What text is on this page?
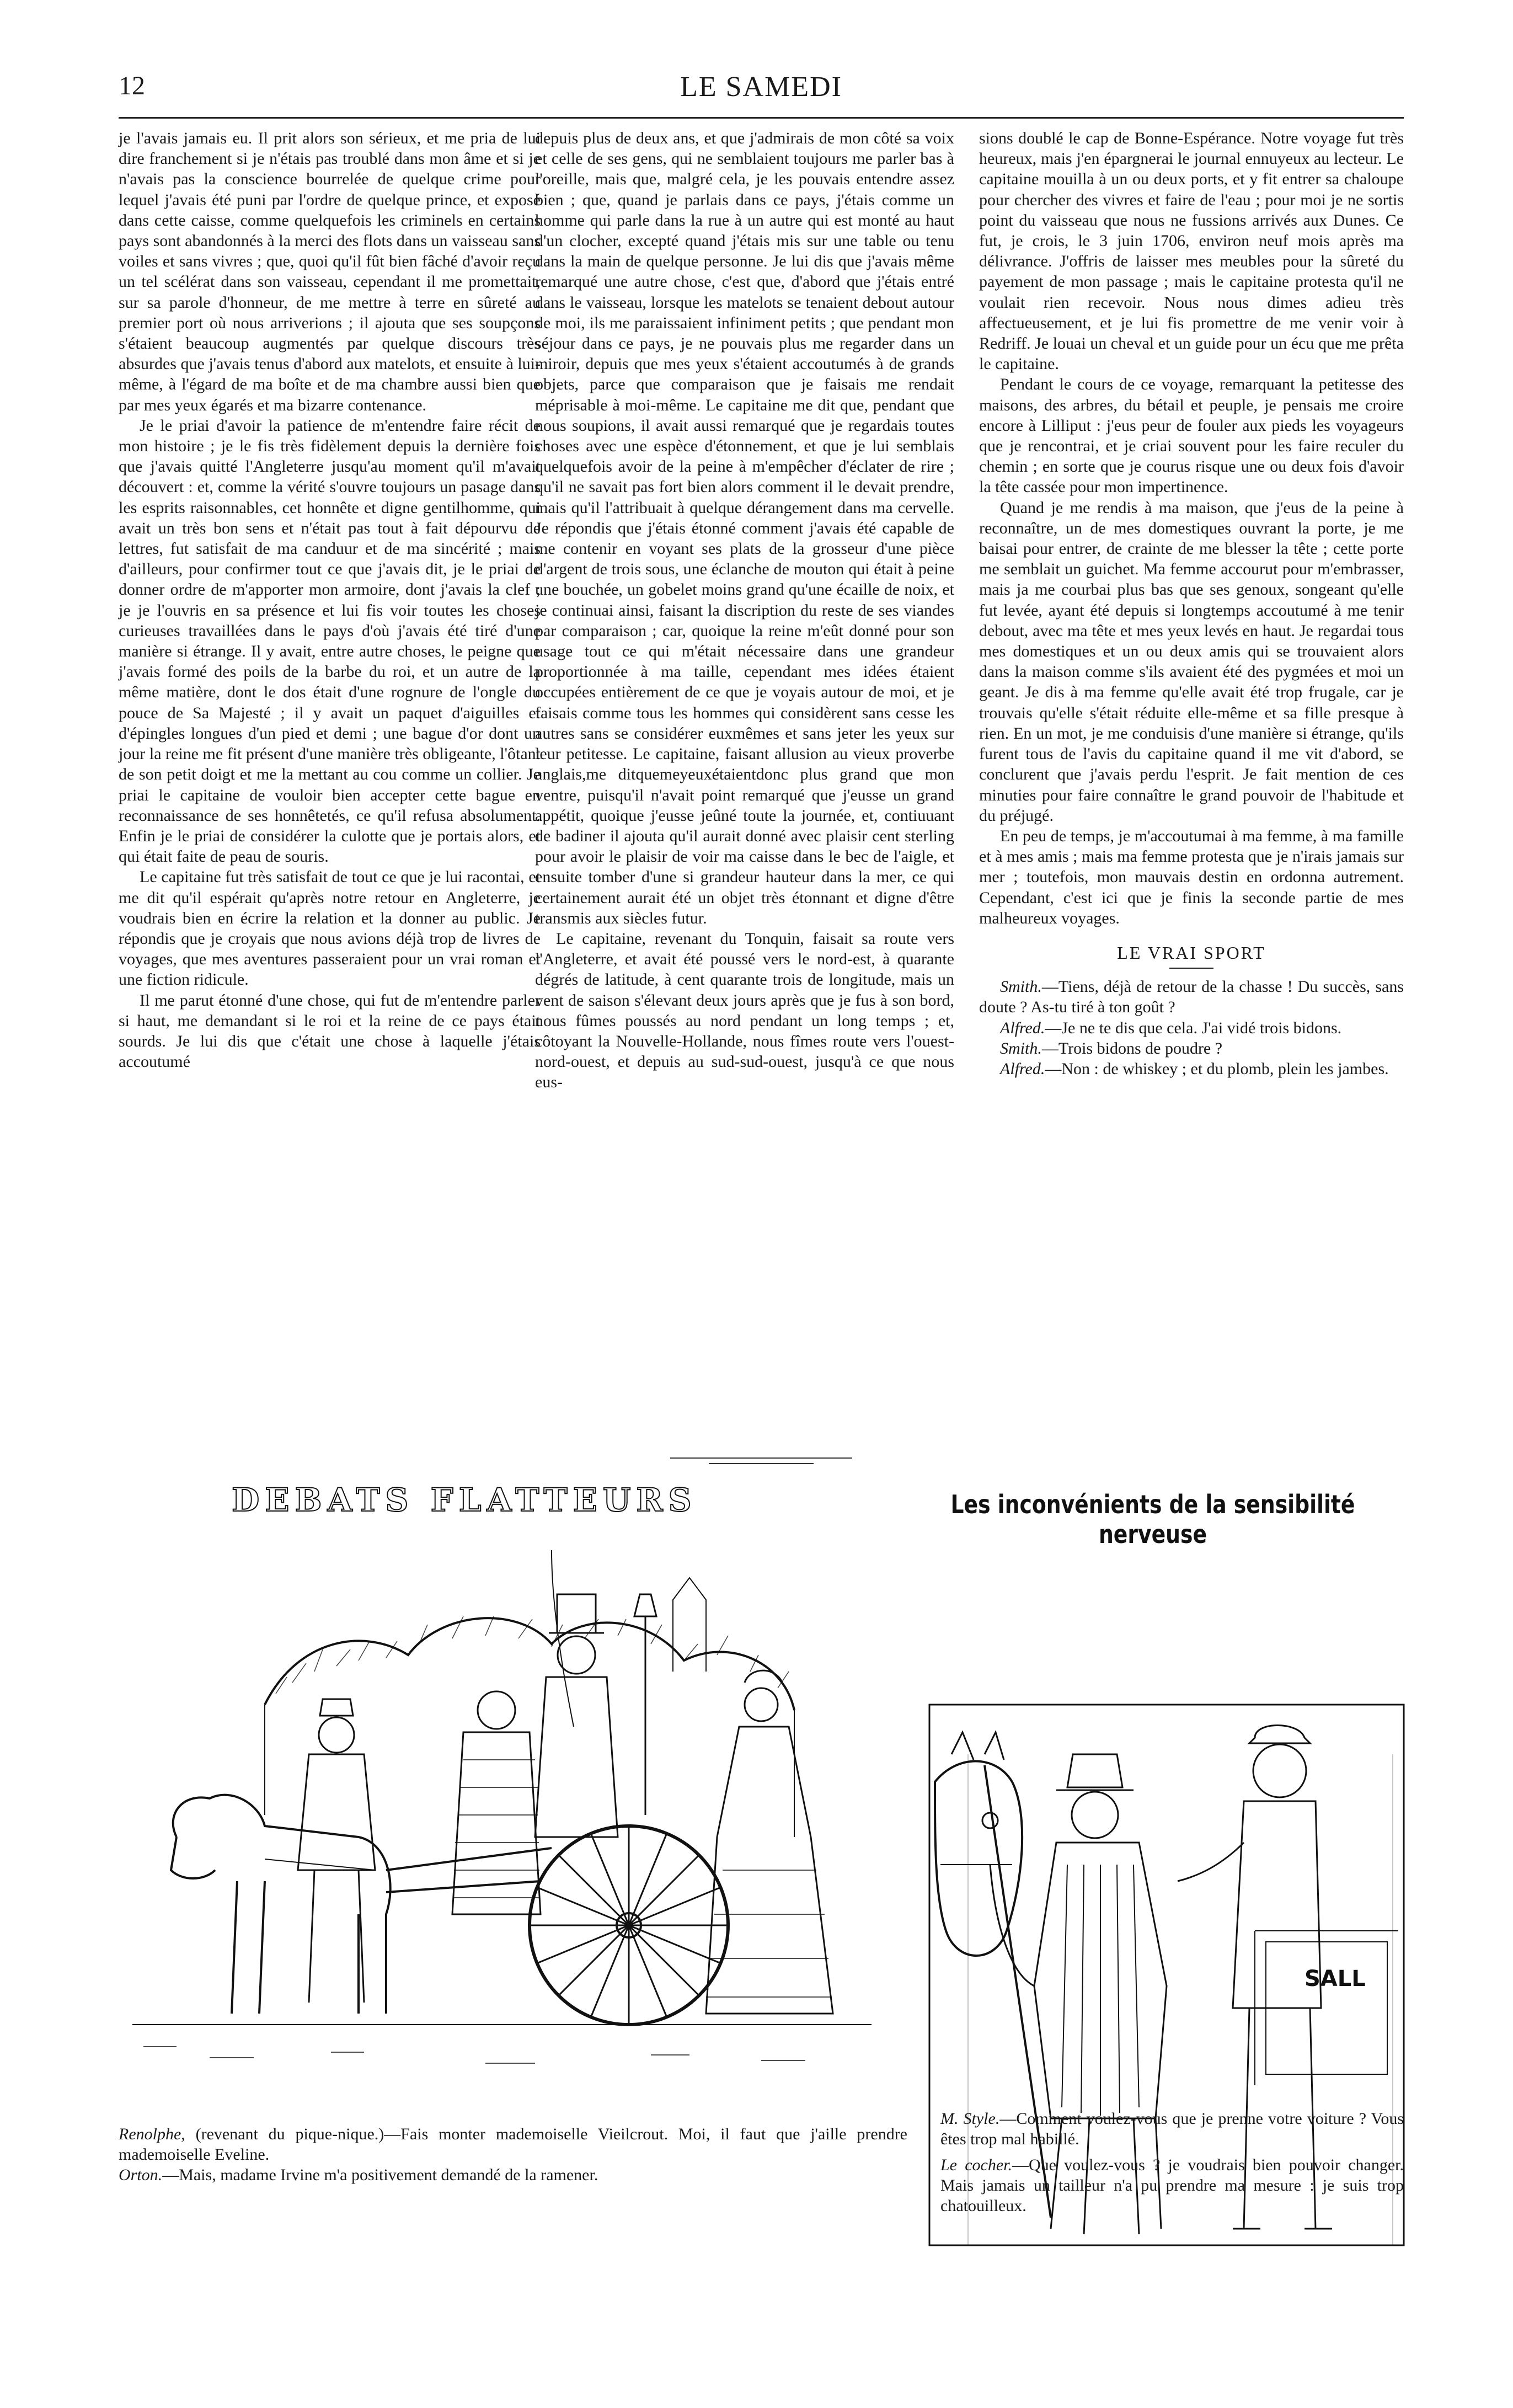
12	LE SAMEDI

je l'avais jamais eu. Il prit alors son sérieux, et me pria de lui dire franchement si je n'étais pas troublé dans mon âme et si je n'avais pas la conscience bourrelée de quelque crime pour lequel j'avais été puni par l'ordre de quelque prince, et exposé dans cette caisse, comme quelquefois les criminels en certains pays sont abandonnés à la merci des flots dans un vaisseau sans voiles et sans vivres ; que, quoi qu'il fût bien fâché d'avoir reçu un tel scélérat dans son vaisseau, cependant il me promettait, sur sa parole d'honneur, de me mettre à terre en sûreté au premier port où nous arriverions ; il ajouta que ses soupçons s'étaient beaucoup augmentés par quelque discours très absurdes que j'avais tenus d'abord aux matelots, et ensuite à lui-même, à l'égard de ma boîte et de ma chambre aussi bien que par mes yeux égarés et ma bizarre contenance.

Je le priai d'avoir la patience de m'entendre faire récit de mon histoire ; je le fis très fidèlement depuis la dernière fois que j'avais quitté l'Angleterre jusqu'au moment qu'il m'avait découvert : et, comme la vérité s'ouvre toujours un pasage dans les esprits raisonnables, cet honnête et digne gentilhomme, qui avait un très bon sens et n'était pas tout à fait dépourvu de lettres, fut satisfait de ma canduur et de ma sincérité ; mais d'ailleurs, pour confirmer tout ce que j'avais dit, je le priai de donner ordre de m'apporter mon armoire, dont j'avais la clef ; je je l'ouvris en sa présence et lui fis voir toutes les choses curieuses travaillées dans le pays d'où j'avais été tiré d'une manière si étrange. Il y avait, entre autre choses, le peigne que j'avais formé des poils de la barbe du roi, et un autre de la même matière, dont le dos était d'une rognure de l'ongle du pouce de Sa Majesté ; il y avait un paquet d'aiguilles et d'épingles longues d'un pied et demi ; une bague d'or dont un jour la reine me fit présent d'une manière très obligeante, l'ôtant de son petit doigt et me la mettant au cou comme un collier. Je priai le capitaine de vouloir bien accepter cette bague en reconnaissance de ses honnêtetés, ce qu'il refusa absolument. Enfin je le priai de considérer la culotte que je portais alors, et qui était faite de peau de souris.

Le capitaine fut très satisfait de tout ce que je lui racontai, et me dit qu'il espérait qu'après notre retour en Angleterre, je voudrais bien en écrire la relation et la donner au public. Je répondis que je croyais que nous avions déjà trop de livres de voyages, que mes aventures passeraient pour un vrai roman et une fiction ridicule.

Il me parut étonné d'une chose, qui fut de m'entendre parler si haut, me demandant si le roi et la reine de ce pays était sourds. Je lui dis que c'était une chose à laquelle j'étais accoutumé

depuis plus de deux ans, et que j'admirais de mon côté sa voix et celle de ses gens, qui ne semblaient toujours me parler bas à l'oreille, mais que, malgré cela, je les pouvais entendre assez bien ; que, quand je parlais dans ce pays, j'étais comme un homme qui parle dans la rue à un autre qui est monté au haut d'un clocher, excepté quand j'étais mis sur une table ou tenu dans la main de quelque personne. Je lui dis que j'avais même remarqué une autre chose, c'est que, d'abord que j'étais entré dans le vaisseau, lorsque les matelots se tenaient debout autour de moi, ils me paraissaient infiniment petits ; que pendant mon séjour dans ce pays, je ne pouvais plus me regarder dans un miroir, depuis que mes yeux s'étaient accoutumés à de grands objets, parce que comparaison que je faisais me rendait méprisable à moi-même. Le capitaine me dit que, pendant que nous soupions, il avait aussi remarqué que je regardais toutes choses avec une espèce d'étonnement, et que je lui semblais quelquefois avoir de la peine à m'empêcher d'éclater de rire ; qu'il ne savait pas fort bien alors comment il le devait prendre, mais qu'il l'attribuait à quelque dérangement dans ma cervelle. Je répondis que j'étais étonné comment j'avais été capable de me contenir en voyant ses plats de la grosseur d'une pièce d'argent de trois sous, une éclanche de mouton qui était à peine une bouchée, un gobelet moins grand qu'une écaille de noix, et je continuai ainsi, faisant la discription du reste de ses viandes par comparaison ; car, quoique la reine m'eût donné pour son usage tout ce qui m'était nécessaire dans une grandeur proportionnée à ma taille, cependant mes idées étaient occupées entièrement de ce que je voyais autour de moi, et je faisais comme tous les hommes qui considèrent sans cesse les autres sans se considérer euxmêmes et sans jeter les yeux sur leur petitesse. Le capitaine, faisant allusion au vieux proverbe anglais,me ditquemeyeuxétaientdonc plus grand que mon ventre, puisqu'il n'avait point remarqué que j'eusse un grand appétit, quoique j'eusse jeûné toute la journée, et, contiuuant de badiner il ajouta qu'il aurait donné avec plaisir cent sterling pour avoir le plaisir de voir ma caisse dans le bec de l'aigle, et ensuite tomber d'une si grandeur hauteur dans la mer, ce qui certainement aurait été un objet très étonnant et digne d'être transmis aux siècles futur.

Le capitaine, revenant du Tonquin, faisait sa route vers l'Angleterre, et avait été poussé vers le nord-est, à quarante dégrés de latitude, à cent quarante trois de longitude, mais un vent de saison s'élevant deux jours après que je fus à son bord, nous fûmes poussés au nord pendant un long temps ; et, côtoyant la Nouvelle-Hollande, nous fîmes route vers l'ouest-nord-ouest, et depuis au sud-sud-ouest, jusqu'à ce que nous eus-

sions doublé le cap de Bonne-Espérance. Notre voyage fut très heureux, mais j'en épargnerai le journal ennuyeux au lecteur. Le capitaine mouilla à un ou deux ports, et y fit entrer sa chaloupe pour chercher des vivres et faire de l'eau ; pour moi je ne sortis point du vaisseau que nous ne fussions arrivés aux Dunes. Ce fut, je crois, le 3 juin 1706, environ neuf mois après ma délivrance. J'offris de laisser mes meubles pour la sûreté du payement de mon passage ; mais le capitaine protesta qu'il ne voulait rien recevoir. Nous nous dimes adieu très affectueusement, et je lui fis promettre de me venir voir à Redriff. Je louai un cheval et un guide pour un écu que me prêta le capitaine.

Pendant le cours de ce voyage, remarquant la petitesse des maisons, des arbres, du bétail et peuple, je pensais me croire encore à Lilliput : j'eus peur de fouler aux pieds les voyageurs que je rencontrai, et je criai souvent pour les faire reculer du chemin ; en sorte que je courus risque une ou deux fois d'avoir la tête cassée pour mon impertinence.

Quand je me rendis à ma maison, que j'eus de la peine à reconnaître, un de mes domestiques ouvrant la porte, je me baisai pour entrer, de crainte de me blesser la tête ; cette porte me semblait un guichet. Ma femme accourut pour m'embrasser, mais ja me courbai plus bas que ses genoux, songeant qu'elle fut levée, ayant été depuis si longtemps accoutumé à me tenir debout, avec ma tête et mes yeux levés en haut. Je regardai tous mes domestiques et un ou deux amis qui se trouvaient alors dans la maison comme s'ils avaient été des pygmées et moi un geant. Je dis à ma femme qu'elle avait été trop frugale, car je trouvais qu'elle s'était réduite elle-même et sa fille presque à rien. En un mot, je me conduisis d'une manière si étrange, qu'ils furent tous de l'avis du capitaine quand il me vit d'abord, se conclurent que j'avais perdu l'esprit. Je fait mention de ces minuties pour faire connaître le grand pouvoir de l'habitude et du préjugé.

En peu de temps, je m'accoutumai à ma femme, à ma famille et à mes amis ; mais ma femme protesta que je n'irais jamais sur mer ; toutefois, mon mauvais destin en ordonna autrement. Cependant, c'est ici que je finis la seconde partie de mes malheureux voyages.

LE VRAI SPORT

Smith.—Tiens, déjà de retour de la chasse ! Du succès, sans doute ? As-tu tiré à ton goût ?

Alfred.—Je ne te dis que cela. J'ai vidé trois bidons.

Smith.—Trois bidons de poudre ?

Alfred.—Non : de whiskey ; et du plomb, plein les jambes.

DEBATS FLATTEURS	Les inconvénients de la sensibilité nerveuse
SALL

Renolphe, (revenant du pique-nique.)—Fais monter mademoiselle Vieilcrout. Moi, il faut que j'aille prendre mademoiselle Eveline.

Orton.—Mais, madame Irvine m'a positivement demandé de la ramener.

M. Style.—Comment voulez-vous que je prenne votre voiture ? Vous êtes trop mal habillé.

Le cocher.—Que voulez-vous ? je voudrais bien pouvoir changer. Mais jamais un tailleur n'a pu prendre ma mesure : je suis trop chatouilleux.
